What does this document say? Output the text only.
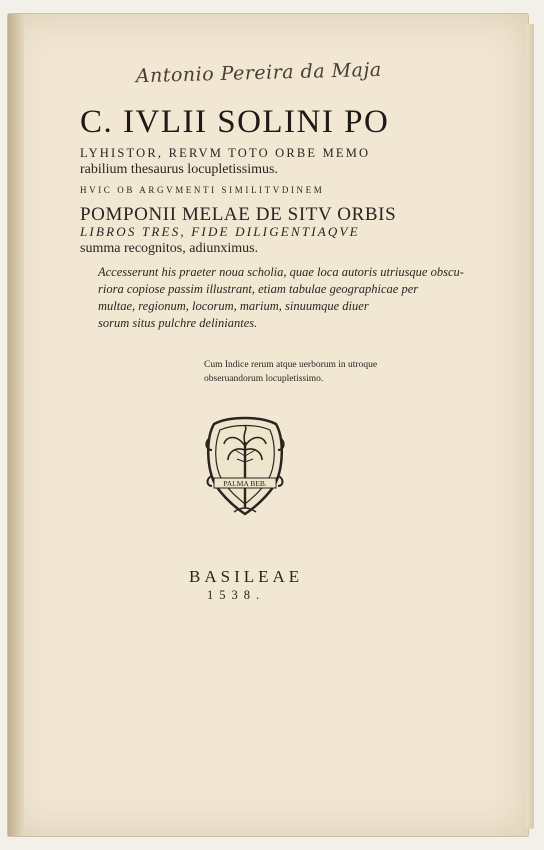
Antonio Pereira da Maja
C. IVLII SOLINI PO
LYHISTOR, RERVM TOTO ORBE MEMO
rabilium thesaurus locupletissimus.
HVIC OB ARGVMENTI SIMILITVDINEM
POMPONII MELAE DE SITV ORBIS
LIBROS TRES, FIDE DILIGENTIAQVE
summa recognitos, adiunximus.
Accesserunt his praeter noua scholia, quae loca autoris utriusque obscu-
riora copiose passim illustrant, etiam tabulae geographicae per
multae, regionum, locorum, marium, sinuumque diuer
sorum situs pulchre deliniantes.
Cum Indice rerum atque uerborum in utroque
obseruandorum locupletissimo.
PALMA BEB.
BASILEAE
1538.
